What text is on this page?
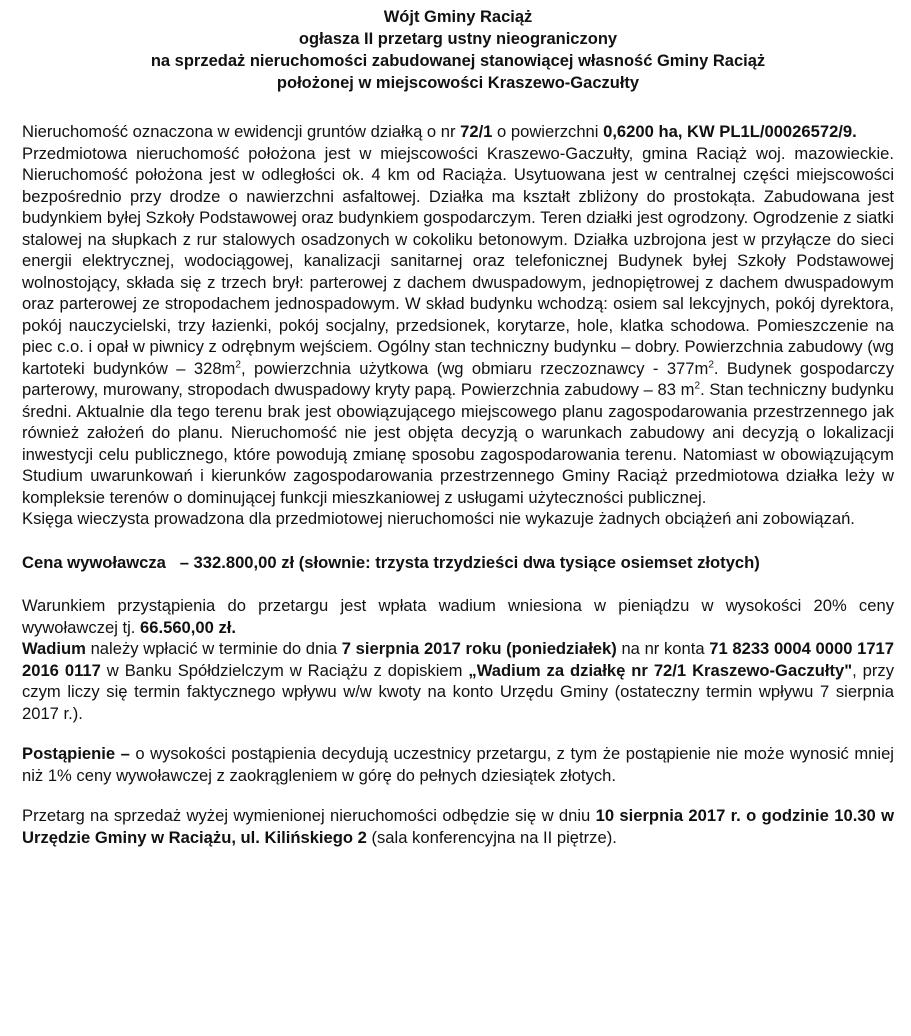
Wójt Gminy Raciąż
ogłasza II przetarg ustny nieograniczony
na sprzedaż nieruchomości zabudowanej stanowiącej własność Gminy Raciąż
położonej w miejscowości Kraszewo-Gaczułty

Nieruchomość oznaczona w ewidencji gruntów działką o nr 72/1 o powierzchni 0,6200 ha, KW PL1L/00026572/9.

Przedmiotowa nieruchomość położona jest w miejscowości Kraszewo-Gaczułty, gmina Raciąż woj. mazowieckie. Nieruchomość położona jest w odległości ok. 4 km od Raciąża. Usytuowana jest w centralnej części miejscowości bezpośrednio przy drodze o nawierzchni asfaltowej. Działka ma kształt zbliżony do prostokąta. Zabudowana jest budynkiem byłej Szkoły Podstawowej oraz budynkiem gospodarczym. Teren działki jest ogrodzony. Ogrodzenie z siatki stalowej na słupkach z rur stalowych osadzonych w cokoliku betonowym. Działka uzbrojona jest w przyłącze do sieci energii elektrycznej, wodociągowej, kanalizacji sanitarnej oraz telefonicznej Budynek byłej Szkoły Podstawowej wolnostojący, składa się z trzech brył: parterowej z dachem dwuspadowym, jednopiętrowej z dachem dwuspadowym oraz parterowej ze stropodachem jednospadowym. W skład budynku wchodzą: osiem sal lekcyjnych, pokój dyrektora, pokój nauczycielski, trzy łazienki, pokój socjalny, przedsionek, korytarze, hole, klatka schodowa. Pomieszczenie na piec c.o. i opał w piwnicy z odrębnym wejściem. Ogólny stan techniczny budynku – dobry. Powierzchnia zabudowy (wg kartoteki budynków – $328m^2$, powierzchnia użytkowa (wg obmiaru rzeczoznawcy - $377m^2$. Budynek gospodarczy parterowy, murowany, stropodach dwuspadowy kryty papą. Powierzchnia zabudowy – 83 $m^2$. Stan techniczny budynku średni. Aktualnie dla tego terenu brak jest obowiązującego miejscowego planu zagospodarowania przestrzennego jak również założeń do planu. Nieruchomość nie jest objęta decyzją o warunkach zabudowy ani decyzją o lokalizacji inwestycji celu publicznego, które powodują zmianę sposobu zagospodarowania terenu. Natomiast w obowiązującym Studium uwarunkowań i kierunków zagospodarowania przestrzennego Gminy Raciąż przedmiotowa działka leży w kompleksie terenów o dominującej funkcji mieszkaniowej z usługami użyteczności publicznej.

Księga wieczysta prowadzona dla przedmiotowej nieruchomości nie wykazuje żadnych obciążeń ani zobowiązań.

Cena wywoławcza – 332.800,00 zł (słownie: trzysta trzydzieści dwa tysiące osiemset złotych)

Warunkiem przystąpienia do przetargu jest wpłata wadium wniesiona w pieniądzu w wysokości 20% ceny wywoławczej tj. 66.560,00 zł.
Wadium należy wpłacić w terminie do dnia 7 sierpnia 2017 roku (poniedziałek) na nr konta 71 8233 0004 0000 1717 2016 0117 w Banku Spółdzielczym w Raciążu z dopiskiem „Wadium za działkę nr 72/1 Kraszewo-Gaczułty", przy czym liczy się termin faktycznego wpływu w/w kwoty na konto Urzędu Gminy (ostateczny termin wpływu 7 sierpnia 2017 r.).

Postąpienie – o wysokości postąpienia decydują uczestnicy przetargu, z tym że postąpienie nie może wynosić mniej niż 1% ceny wywoławczej z zaokrągleniem w górę do pełnych dziesiątek złotych.

Przetarg na sprzedaż wyżej wymienionej nieruchomości odbędzie się w dniu 10 sierpnia 2017 r. o godzinie 10.30 w Urzędzie Gminy w Raciążu, ul. Kilińskiego 2 (sala konferencyjna na II piętrze).
